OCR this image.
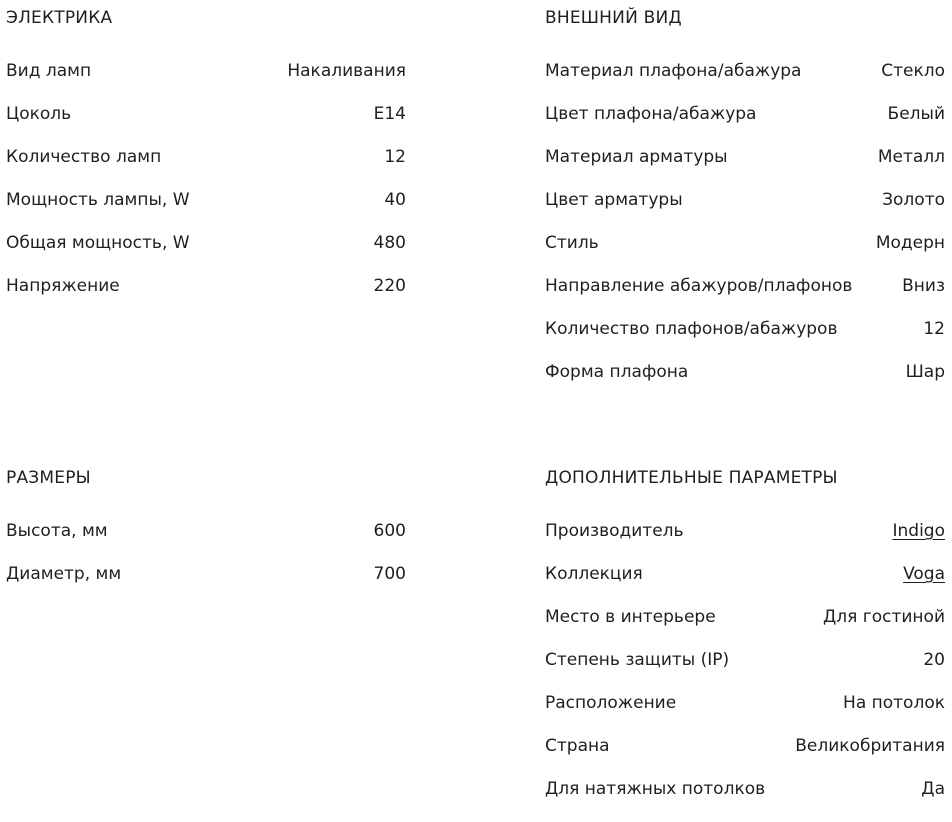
ЭЛЕКТРИКА
Вид ламп	Накаливания
Цоколь	E14
Количество ламп	12
Мощность лампы, W	40
Общая мощность, W	480
Напряжение	220
ВНЕШНИЙ ВИД
Материал плафона/абажура	Стекло
Цвет плафона/абажура	Белый
Материал арматуры	Металл
Цвет арматуры	Золото
Стиль	Модерн
Направление абажуров/плафонов	Вниз
Количество плафонов/абажуров	12
Форма плафона	Шар
РАЗМЕРЫ
Высота, мм	600
Диаметр, мм	700
ДОПОЛНИТЕЛЬНЫЕ ПАРАМЕТРЫ
Производитель	Indigo
Коллекция	Voga
Место в интерьере	Для гостиной
Степень защиты (IP)	20
Расположение	На потолок
Страна	Великобритания
Для натяжных потолков	Да
